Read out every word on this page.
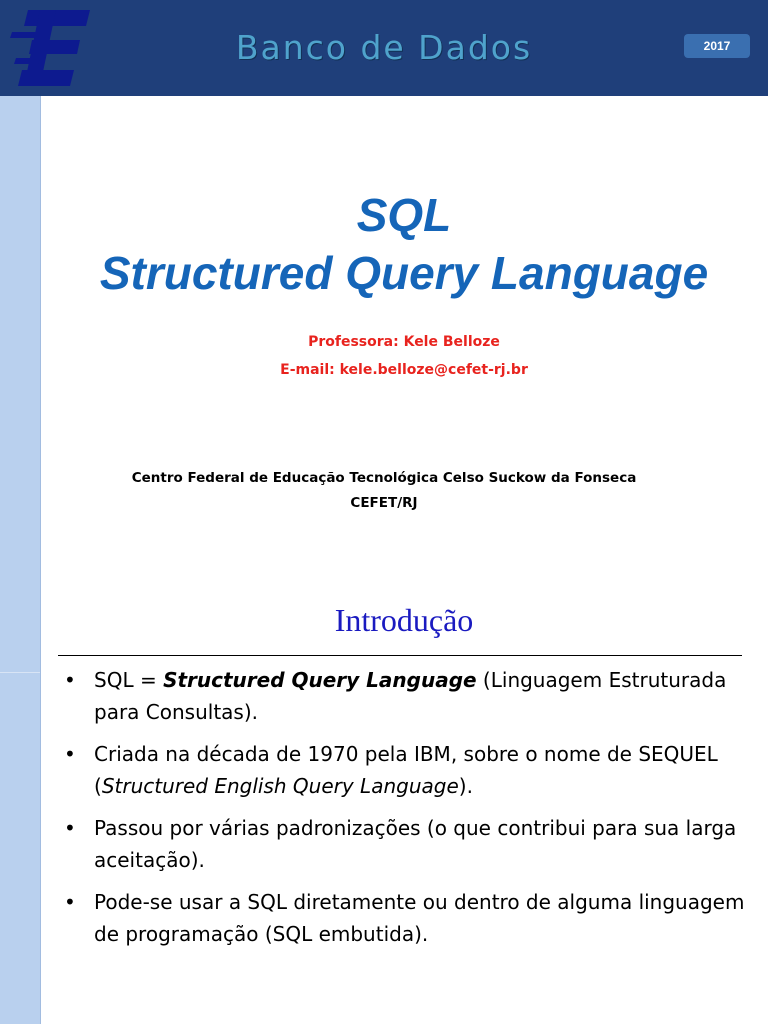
Banco de Dados	2017
SQL
Structured Query Language
Professora: Kele Belloze
E-mail: kele.belloze@cefet-rj.br
Centro Federal de Educação Tecnológica Celso Suckow da Fonseca
CEFET/RJ
Introdução
• SQL = Structured Query Language (Linguagem Estruturada para Consultas).
• Criada na década de 1970 pela IBM, sobre o nome de SEQUEL (Structured English Query Language).
• Passou por várias padronizações (o que contribui para sua larga aceitação).
• Pode-se usar a SQL diretamente ou dentro de alguma linguagem de programação (SQL embutida).
